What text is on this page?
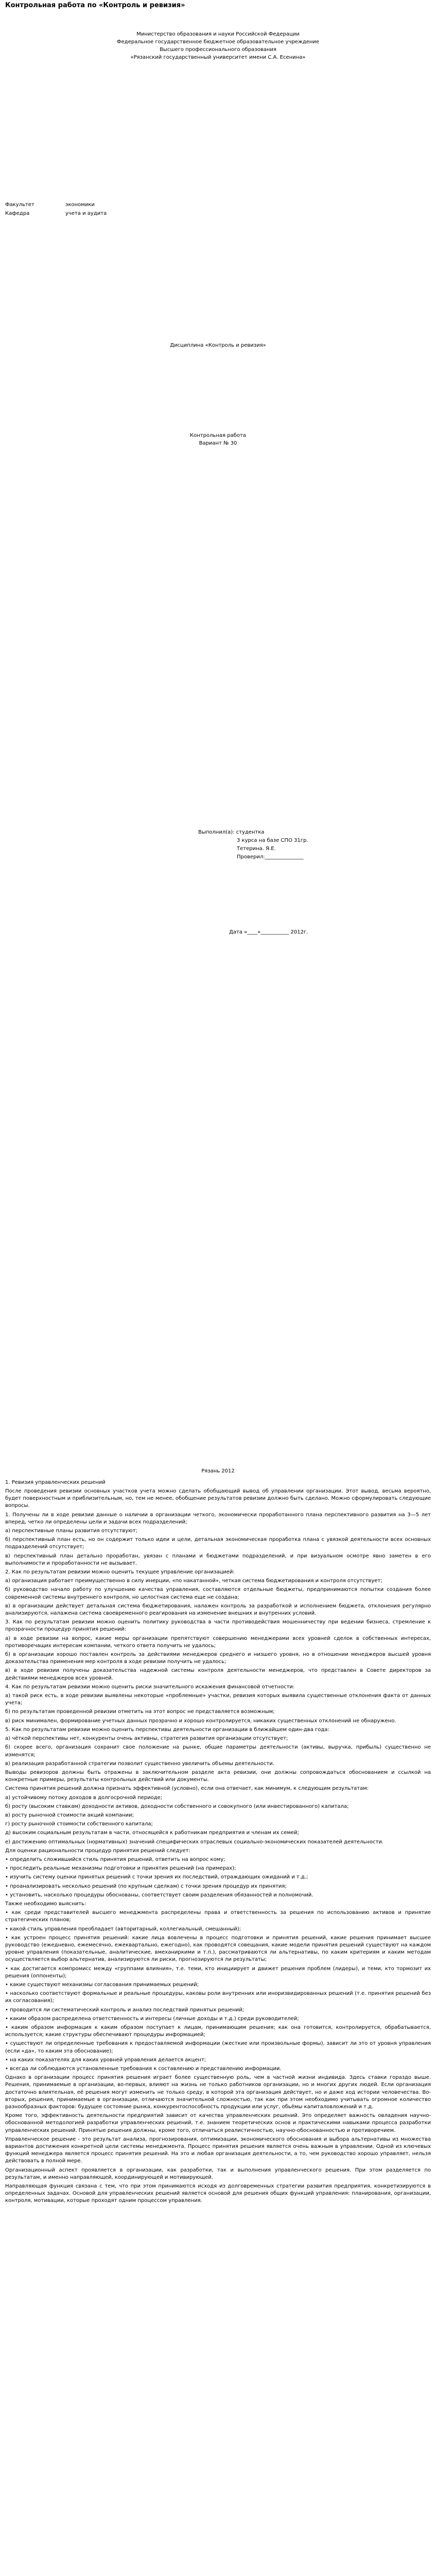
Контрольная работа по «Контроль и ревизия»
Министерство образования и науки Российской Федерации
Федеральное государственное бюджетное образовательное учреждение
Высшего профессионального образования
«Рязанский государственный университет имени С.А. Есенина»
Факультет	экономики
Кафедра	учета и аудита
Дисциплина «Контроль и ревизия»
Контрольная работа
Вариант № 30
Выполнил(а): студентка
3 курса на базе СПО 31гр.
Тетерина. Я.Е.
Проверил:_______________
Дата «____»___________ 2012г.
Рязань 2012
1. Ревизия управленческих решений

После проведения ревизии основных участков учета можно сделать обобщающий вывод об управлении организации. Этот вывод, весьма вероятно, будет поверхностным и приблизительным, но, тем не менее, обобщение результатов ревизии должно быть сделано. Можно сформулировать следующие вопросы.

1. Получены ли в ходе ревизии данные о наличии в организации четкого, экономически проработанного плана перспективного развития на 3—5 лет вперед, четко ли определены цели и задачи всех подразделений;

а) перспективные планы развития отсутствуют;

б) перспективный план есть, но он содержит только идеи и цели, детальная экономическая проработка плана с увязкой деятельности всех основных подразделений отсутствует;

в) перспективный план детально проработан, увязан с планами и бюджетами подразделений, и при визуальном осмотре явно заметен в его выполнимости и проработанности не вызывает.

2. Как по результатам ревизии можно оценить текущее управление организацией:

а) организация работает преимущественно в силу инерции, «по накатанной», четкая система бюджетирования и контроля отсутствует;

б) руководство начало работу по улучшению качества управления, составляются отдельные бюджеты, предпринимаются попытки создания более современной системы внутреннего контроля, но целостная система еще не создана;

в) в организации действует детальная система бюджетирования, налажен контроль за разработкой и исполнением бюджета, отклонения регулярно анализируются, налажена система своевременного реагирования на изменение внешних и внутренних условий.

3. Как по результатам ревизии можно оценить политику руководства в части противодействия мошенничеству при ведении бизнеса, стремление к прозрачности процедур принятия решений:

а) в ходе ревизии на вопрос, какие меры организации препятствуют совершению менеджерами всех уровней сделок в собственных интересах, противоречащих интересам компании, четкого ответа получить не удалось;

б) в организации хорошо поставлен контроль за действиями менеджеров среднего и низшего уровня, но в отношении менеджеров высшей уровня доказательства применения мер контроля в ходе ревизии получить не удалось;

в) в ходе ревизии получены доказательства надежной системы контроля деятельности менеджеров, что представлен в Совете директоров за действиями менеджеров всех уровней.

4. Как по результатам ревизии можно оценить риски значительного искажения финансовой отчетности:

а) такой риск есть, в ходе ревизии выявлены некоторые «проблемные» участки, ревизия которых выявила существенные отклонения факта от данных учета;

б) по результатам проведенной ревизии отметить на этот вопрос не представляется возможным;

в) риск минимален, формирование учетных данных прозрачно и хорошо контролируется, никаких существенных отклонений не обнаружено.

5. Как по результатам ревизии можно оценить перспективы деятельности организации в ближайшем один-два года:

а) чёткой перспективы нет, конкуренты очень активны, стратегия развития организации отсутствует;

б) скорее всего, организация сохранит свое положение на рынке, общие параметры деятельности (активы, выручка, прибыль) существенно не изменятся;

в) реализация разработанной стратегии позволит существенно увеличить объемы деятельности.

Выводы ревизоров должны быть отражены в заключительном разделе акта ревизии, они должны сопровождаться обоснованием и ссылкой на конкретные примеры, результаты контрольных действий или документы.

Система принятия решений должна признать эффективной (условно), если она отвечает, как минимум, к следующим результатам:

а) устойчивому потоку доходов в долгосрочной периоде;

б) росту (высоким ставкам) доходности активов, доходности собственного и совокупного (или инвестированного) капитала;

в) росту рыночной стоимости акций компании;

г) росту рыночной стоимости собственного капитала;

д) высоким социальным результатам в части, относящейся к работникам предприятия и членам их семей;

е) достижению оптимальных (нормативных) значений специфических отраслевых социально-экономических показателей деятельности.

Для оценки рациональности процедур принятия решений следует:

• определить сложившийся стиль принятия решений, ответить на вопрос кому;

• проследить реальные механизмы подготовки и принятия решений (на примерах);

• изучить систему оценки принятых решений с точки зрения их последствий, отраждающих ожиданий и т.д.;

• проанализировать несколько решений (по крупным сделкам) с точки зрения процедур их принятия;

• установить, насколько процедуры обоснованы, соответствует своим разделения обязанностей и полномочий.

Также необходимо выяснить:

• как среди представителей высшего менеджмента распределены права и ответственность за решения по использованию активов и принятие стратегических планов;

• какой стиль управления преобладает (авторитарный, коллегиальный, смешанный);

• как устроен процесс принятия решений: какие лица вовлечены в процесс подготовки и принятия решений, какие решения принимает высшее руководство (ежедневно, ежемесячно, ежеквартально, ежегодно), как проводятся совещания, какие модели принятия решений существуют на каждом уровне управления (показательные, аналитические, вмеханиркими и т.п.), рассматриваются ли альтернативы, по каким критериям и каким методам осуществляется выбор альтернатив, анализируются ли риски, прогнозируются ли результаты;

• как достигается компромисс между «группами влияния», т.е. теми, кто инициирует и движет решения проблем (лидеры), и теми, кто тормозит их решения (оппоненты);

• какие существуют механизмы согласования принимаемых решений;

• насколько соответствуют формальные и реальные процедуры, каковы роли внутренних или иноризвидированных решений (т.е. принятия решений без их согласования);

• проводится ли систематический контроль и анализ последствий принятых решений;

• каким образом распределена ответственность и интересы (личные доходы и т.д.) среди руководителей;

• каким образом информация к каким образом поступает к лицам, принимающим решения; как она готовится, контролируется, обрабатывается, используется; какие структуры обеспечивают процедуры информацией;

• существуют ли определенные требования к предоставляемой информации (жесткие или произвольные формы), зависит ли это от уровня управления (если «да», то каким эта обоснование);

• на каких показателях для каких уровней управления делается акцент;

• всегда ли соблюдаются установленные требования к составлению и представлению информации.

Однако в организации процесс принятия решения играет более существенную роль, чем в частной жизни индивида. Здесь ставки гораздо выше. Решения, принимаемые в организации, во-первых, влияют на жизнь не только работников организации, но и многих других людей. Если организация достаточно влиятельная, её решения могут изменить не только среду, в которой эта организация действует, но и даже ход истории человечества. Во-вторых, решения, принимаемые в организации, отличаются значительной сложностью, так как при этом необходимо учитывать огромное количество разнообразных факторов: будущее состояние рынка, конкурентоспособность продукции или услуг, обьёмы капиталовложений и т.д.

Кроме того, эффективность деятельности предприятий зависит от качества управленческих решений. Это определяет важность овладения научно-обоснованной методологией разработки управленческих решений, т.е. знанием теоретических основ и практическими навыками процесса разработки управленческих решений. Принятые решения должны, кроме того, отличаться реалистичностью, научно-обоснованностью и противоречием.

Управленческое решение - это результат анализа, прогнозирования, оптимизации, экономического обоснования и выбора альтернативы из множества вариантов достижения конкретной цели системы менеджмента. Процесс принятия решения является очень важным в управлении. Одной из ключевых функций менеджера является процесс принятия решений. На это и любая организация деятельности, а то, чем руководство хорошо управляет, нельзя действовать в полной мере.

Организационный аспект проявляется в организации, как разработки, так и выполнения управленческого решения. При этом разделяется по результатам, и именно направляющей, координирующей и мотивирующей.

Направляющая функция связана с тем, что при этом принимаются исходя из долговременных стратегии развития предприятия, конкретизируются в определенных задачах. Основой для управленческих решений является основой для решения общих функций управления: планирования, организации, контроля, мотивации, которые проходят одним процессом управления.
